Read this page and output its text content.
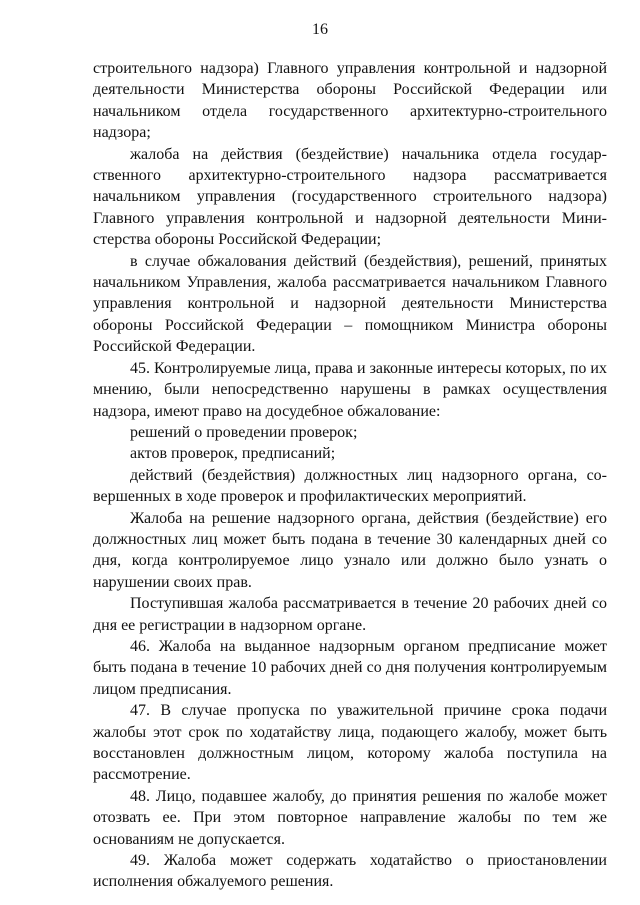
16

строительного надзора) Главного управления контрольной и надзорной деятельности Министерства обороны Российской Федерации или начальником отдела государственного архитектурно-строительного надзора;

жалоба на действия (бездействие) начальника отдела государственного архитектурно-строительного надзора рассматривается начальником управления (государственного строительного надзора) Главного управления контрольной и надзорной деятельности Министерства обороны Российской Федерации;

в случае обжалования действий (бездействия), решений, принятых начальником Управления, жалоба рассматривается начальником Главного управления контрольной и надзорной деятельности Министерства обороны Российской Федерации – помощником Министра обороны Российской Федерации.

45. Контролируемые лица, права и законные интересы которых, по их мнению, были непосредственно нарушены в рамках осуществления надзора, имеют право на досудебное обжалование:

решений о проведении проверок;

актов проверок, предписаний;

действий (бездействия) должностных лиц надзорного органа, совершенных в ходе проверок и профилактических мероприятий.

Жалоба на решение надзорного органа, действия (бездействие) его должностных лиц может быть подана в течение 30 календарных дней со дня, когда контролируемое лицо узнало или должно было узнать о нарушении своих прав.

Поступившая жалоба рассматривается в течение 20 рабочих дней со дня ее регистрации в надзорном органе.

46. Жалоба на выданное надзорным органом предписание может быть подана в течение 10 рабочих дней со дня получения контролируемым лицом предписания.

47. В случае пропуска по уважительной причине срока подачи жалобы этот срок по ходатайству лица, подающего жалобу, может быть восстановлен должностным лицом, которому жалоба поступила на рассмотрение.

48. Лицо, подавшее жалобу, до принятия решения по жалобе может отозвать ее. При этом повторное направление жалобы по тем же основаниям не допускается.

49. Жалоба может содержать ходатайство о приостановлении исполнения обжалуемого решения.
